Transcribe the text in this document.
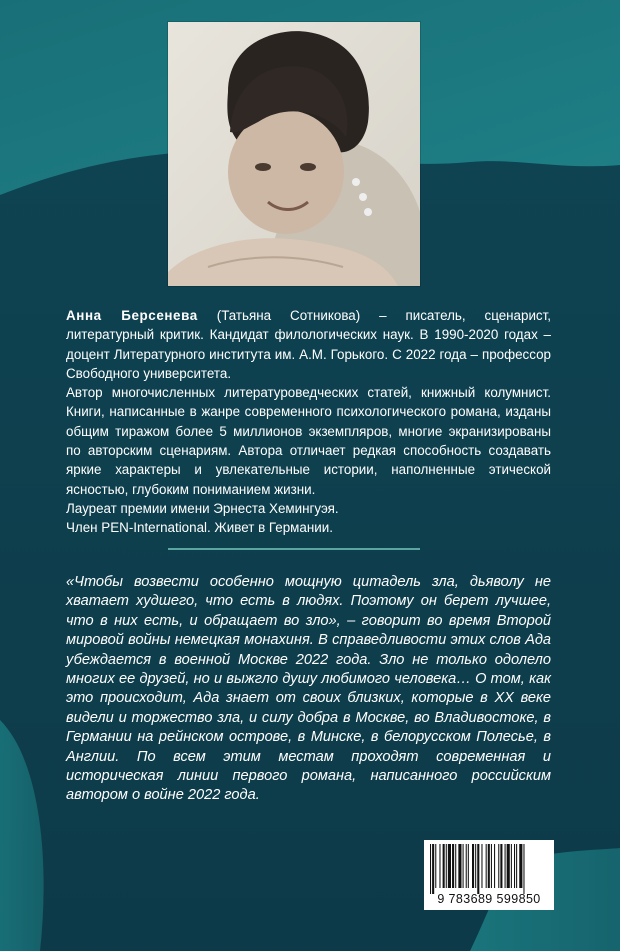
Анна Берсенева (Татьяна Сотникова) – писатель, сценарист, литературный критик. Кандидат филологических наук. В 1990-2020 годах – доцент Литературного института им. А.М. Горького. С 2022 года – профессор Свободного университета.

Автор многочисленных литературоведческих статей, книжный колумнист. Книги, написанные в жанре современного психологического романа, изданы общим тиражом более 5 миллионов экземпляров, многие экранизированы по авторским сценариям. Автора отличает редкая способность создавать яркие характеры и увлекательные истории, наполненные этической ясностью, глубоким пониманием жизни.

Лауреат премии имени Эрнеста Хемингуэя.

Член PEN-International. Живет в Германии.

«Чтобы возвести особенно мощную цитадель зла, дьяволу не хватает худшего, что есть в людях. Поэтому он берет лучшее, что в них есть, и обращает во зло», – говорит во время Второй мировой войны немецкая монахиня. В справедливости этих слов Ада убеждается в военной Москве 2022 года. Зло не только одолело многих ее друзей, но и выжгло душу любимого человека… О том, как это происходит, Ада знает от своих близких, которые в XX веке видели и торжество зла, и силу добра в Москве, во Владивостоке, в Германии на рейнском острове, в Минске, в белорусском Полесье, в Англии. По всем этим местам проходят современная и историческая линии первого романа, написанного российским автором о войне 2022 года.

9 783689 599850
